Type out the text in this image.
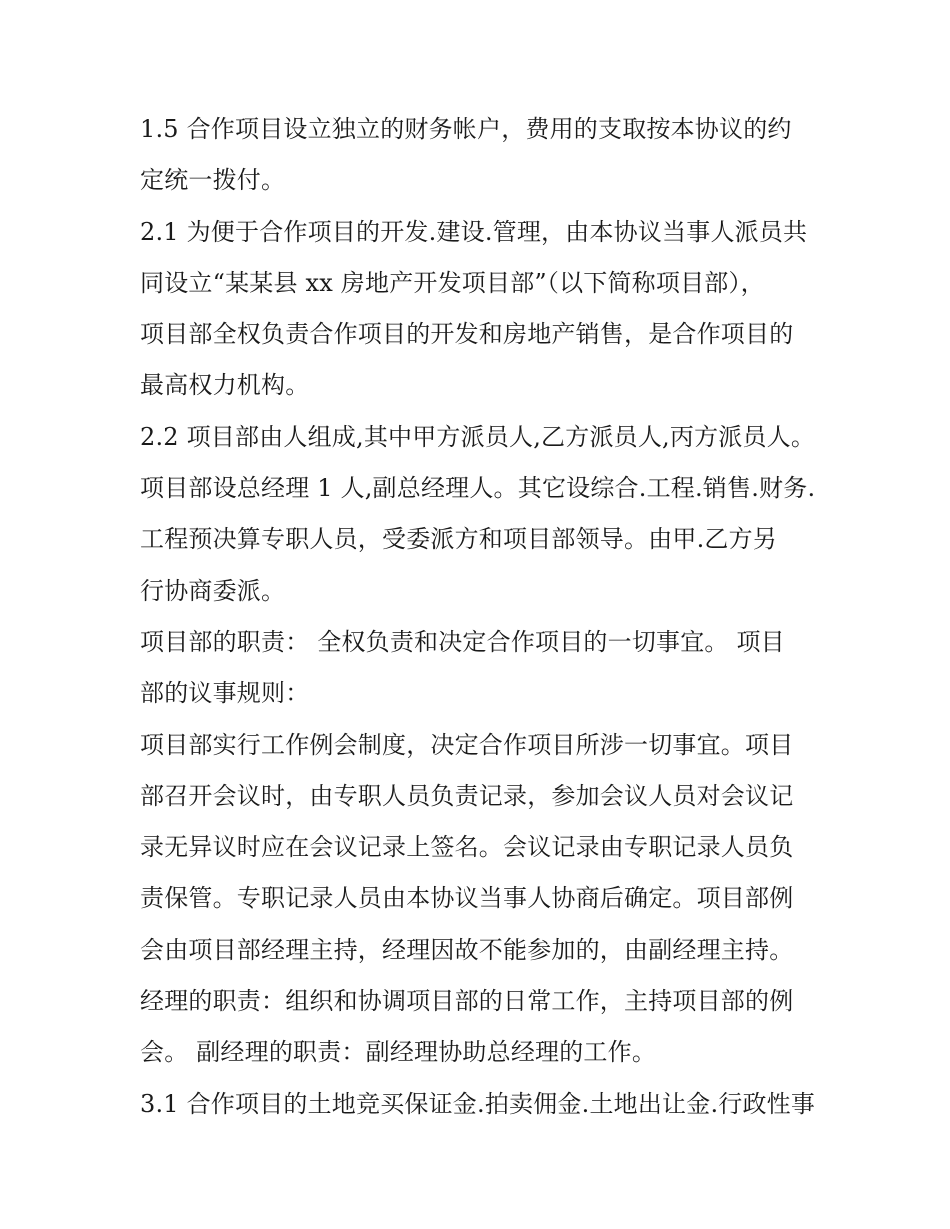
1.5 合作项目设立独立的财务帐户，费用的支取按本协议的约
定统一拨付。
2.1 为便于合作项目的开发.建设.管理，由本协议当事人派员共
同设立“某某县 xx 房地产开发项目部”（以下简称项目部），
项目部全权负责合作项目的开发和房地产销售，是合作项目的
最高权力机构。
2.2 项目部由人组成,其中甲方派员人,乙方派员人,丙方派员人。
项目部设总经理 1 人,副总经理人。其它设综合.工程.销售.财务.
工程预决算专职人员，受委派方和项目部领导。由甲.乙方另
行协商委派。
项目部的职责： 全权负责和决定合作项目的一切事宜。 项目
部的议事规则：
项目部实行工作例会制度，决定合作项目所涉一切事宜。项目
部召开会议时，由专职人员负责记录，参加会议人员对会议记
录无异议时应在会议记录上签名。会议记录由专职记录人员负
责保管。专职记录人员由本协议当事人协商后确定。项目部例
会由项目部经理主持，经理因故不能参加的，由副经理主持。
经理的职责：组织和协调项目部的日常工作，主持项目部的例
会。 副经理的职责：副经理协助总经理的工作。
3.1 合作项目的土地竞买保证金.拍卖佣金.土地出让金.行政性事
